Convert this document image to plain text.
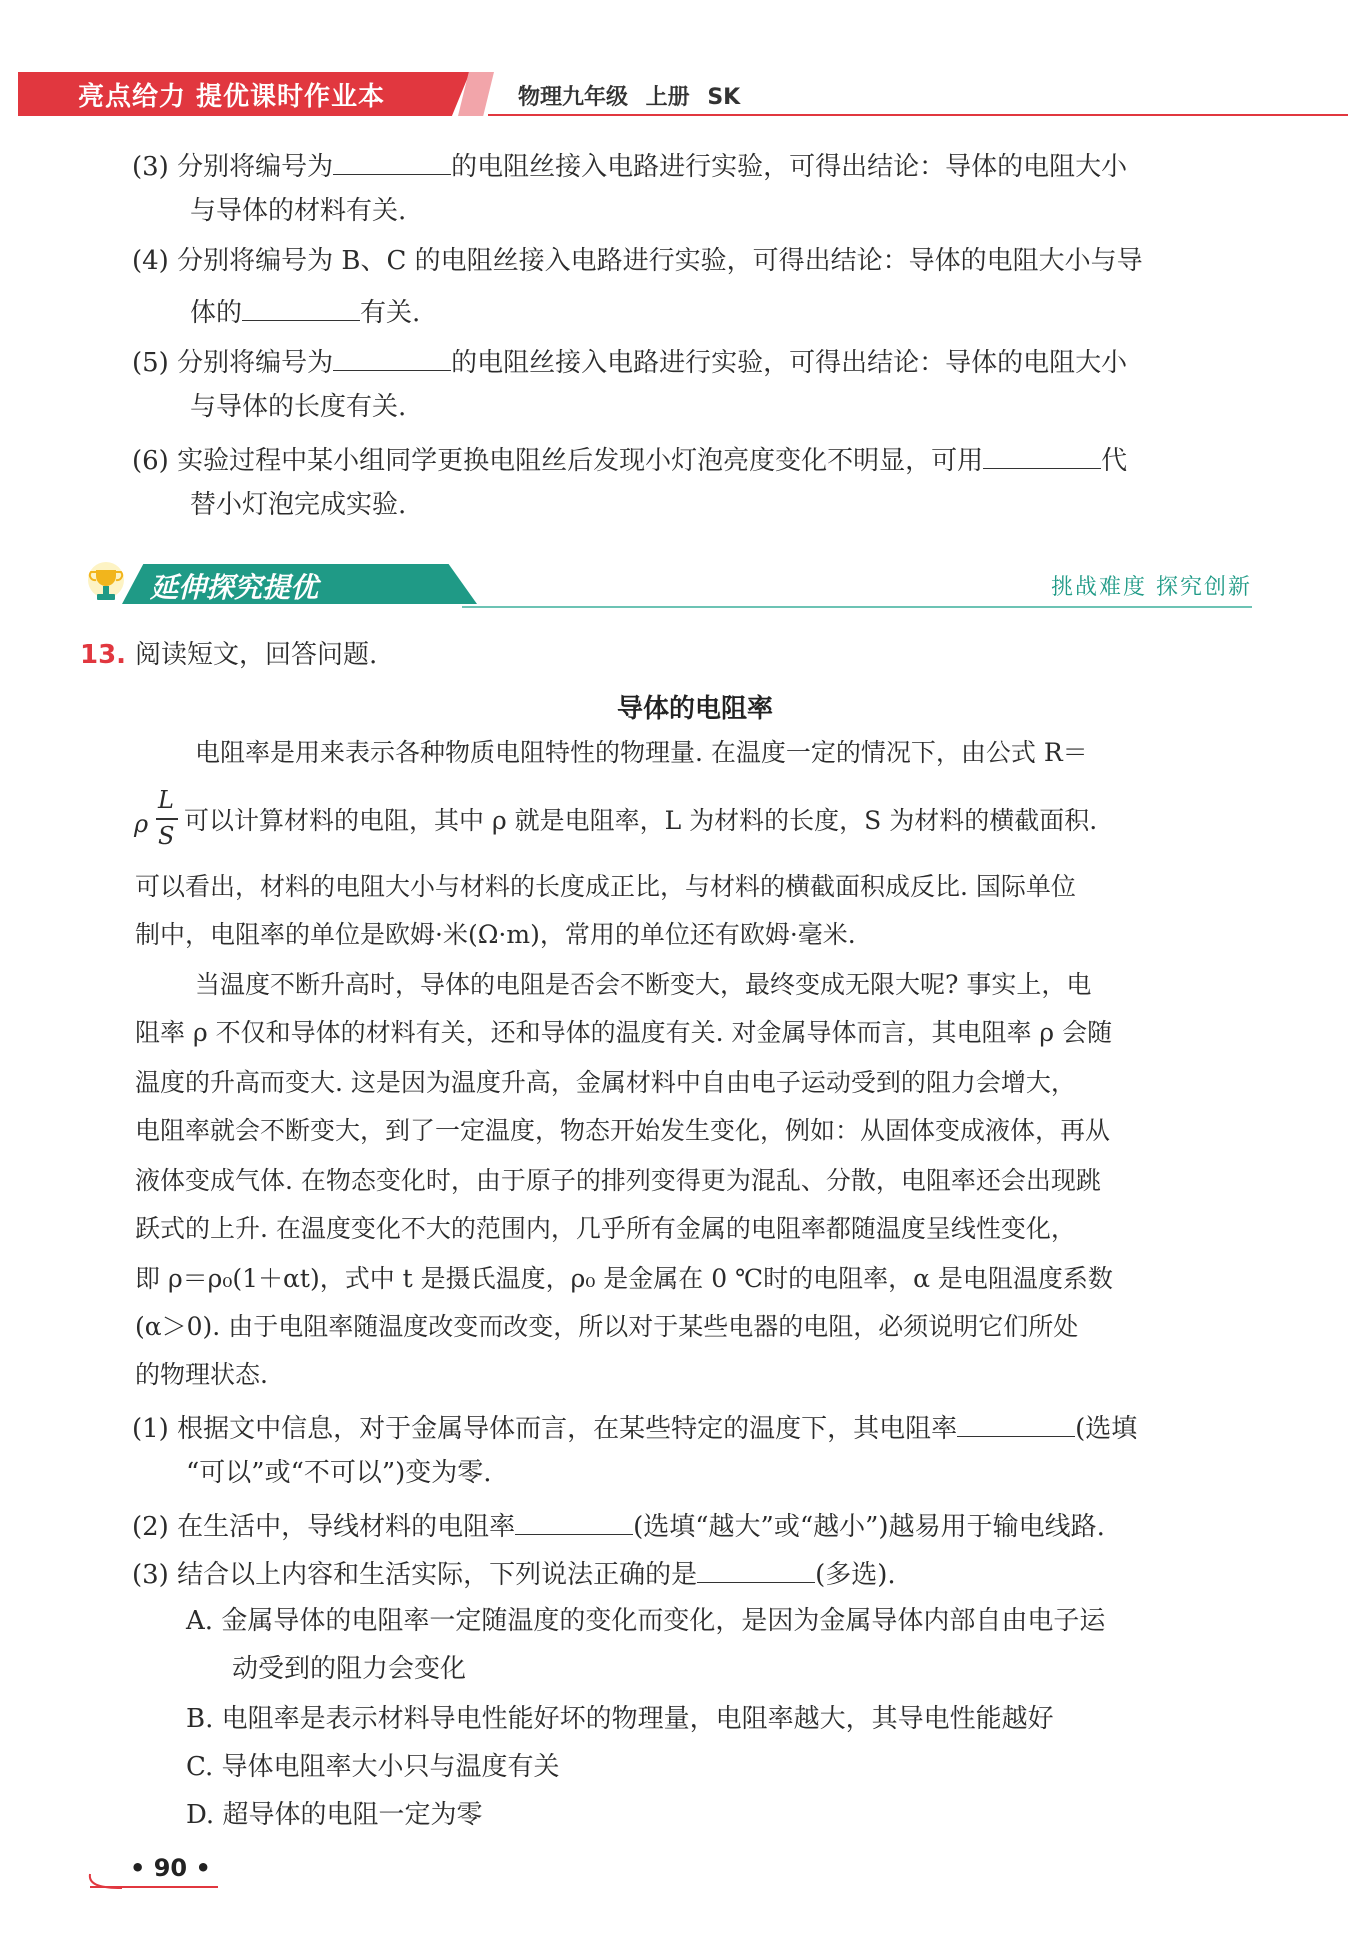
亮点给力 提优课时作业本	物理九年级 上册 SK
(3) 分别将编号为	的电阻丝接入电路进行实验，可得出结论：导体的电阻大小
与导体的材料有关.
(4) 分别将编号为 B、C 的电阻丝接入电路进行实验，可得出结论：导体的电阻大小与导
体的	有关.
(5) 分别将编号为	的电阻丝接入电路进行实验，可得出结论：导体的电阻大小
与导体的长度有关.
(6) 实验过程中某小组同学更换电阻丝后发现小灯泡亮度变化不明显，可用	代
替小灯泡完成实验.
延伸探究提优	挑战难度 探究创新
13. 阅读短文，回答问题.
导体的电阻率
电阻率是用来表示各种物质电阻特性的物理量. 在温度一定的情况下，由公式 R＝
ρ
L
S
可以计算材料的电阻，其中 ρ 就是电阻率，L 为材料的长度，S 为材料的横截面积.
可以看出，材料的电阻大小与材料的长度成正比，与材料的横截面积成反比. 国际单位
制中，电阻率的单位是欧姆·米(Ω·m)，常用的单位还有欧姆·毫米.
当温度不断升高时，导体的电阻是否会不断变大，最终变成无限大呢? 事实上，电
阻率 ρ 不仅和导体的材料有关，还和导体的温度有关. 对金属导体而言，其电阻率 ρ 会随
温度的升高而变大. 这是因为温度升高，金属材料中自由电子运动受到的阻力会增大，
电阻率就会不断变大，到了一定温度，物态开始发生变化，例如：从固体变成液体，再从
液体变成气体. 在物态变化时，由于原子的排列变得更为混乱、分散，电阻率还会出现跳
跃式的上升. 在温度变化不大的范围内，几乎所有金属的电阻率都随温度呈线性变化，
即 ρ＝ρ₀(1＋αt)，式中 t 是摄氏温度，ρ₀ 是金属在 0 ℃时的电阻率，α 是电阻温度系数
(α＞0). 由于电阻率随温度改变而改变，所以对于某些电器的电阻，必须说明它们所处
的物理状态.
(1) 根据文中信息，对于金属导体而言，在某些特定的温度下，其电阻率	(选填
“可以”或“不可以”)变为零.
(2) 在生活中，导线材料的电阻率	(选填“越大”或“越小”)越易用于输电线路.
(3) 结合以上内容和生活实际，下列说法正确的是	(多选).
A. 金属导体的电阻率一定随温度的变化而变化，是因为金属导体内部自由电子运
动受到的阻力会变化
B. 电阻率是表示材料导电性能好坏的物理量，电阻率越大，其导电性能越好
C. 导体电阻率大小只与温度有关
D. 超导体的电阻一定为零
• 90 •
